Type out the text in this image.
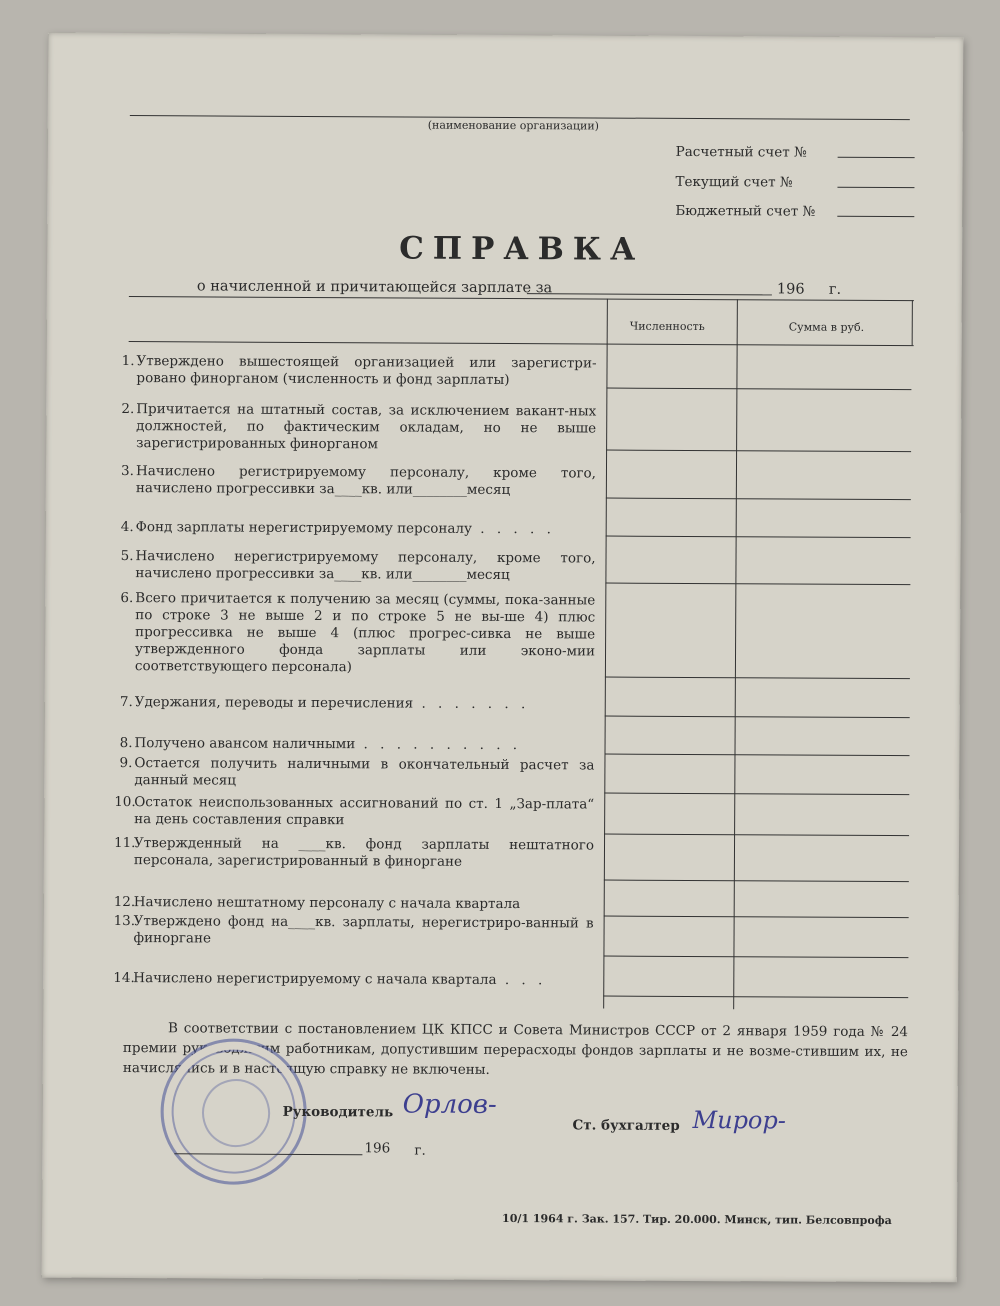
(наименование организации)
Расчетный счет №
Текущий счет №
Бюджетный счет №
СПРАВКА
о начисленной и причитающейся зарплате за	196 г.
Численность	Сумма в руб.
1. Утверждено вышестоящей организацией или зарегистри-рoвано финорганом (численность и фонд зарплаты)
2. Причитается на штатный состав, за исключением вакант-ных должностей, по фактическим окладам, но не выше зарегистрированных финорганом
3. Начислено регистрируемому персоналу, кроме того, начислено прогрессивки за____кв. или________месяц
4. Фонд зарплаты нерегистрируемому персоналу . . . . .
5. Начислено нерегистрируемому персоналу, кроме того, начислено прогрессивки за____кв. или________месяц
6. Всего причитается к получению за месяц (суммы, пока-занные по строке 3 не выше 2 и по строке 5 не вы-ше 4) плюс прогрессивка не выше 4 (плюс прогрес-сивка не выше утвержденного фонда зарплаты или эконо-мии соответствующего персонала)
7. Удержания, переводы и перечисления . . . . . . .
8. Получено авансом наличными . . . . . . . . . .
9. Остается получить наличными в окончательный расчет за данный месяц
10.
Остаток неиспользованных ассигнований по ст. 1 „Зар-плата“ на день составления справки
11.
Утвержденный на ____кв. фонд зарплаты нештатного персонала, зарегистрированный в финоргане
12.
Начислено нештатному персоналу с начала квартала
13.
Утверждено фонд на____кв. зарплаты, нерегистриро-ванный в финоргане
14.
Начислено нерегистрируемому с начала квартала . . .
В соответствии с постановлением ЦК КПСС и Совета Министров СССР от 2 января 1959 года № 24 премии руководящим работникам, допустившим перерасходы фондов зарплаты и не возме-стившим их, не начислялись и в настоящую справку не включены.
Руководитель Орлов-
Ст. бухгалтер Мирор-
196 г.
10/1 1964 г. Зак. 157. Тир. 20.000. Минск, тип. Белсовпрофа
